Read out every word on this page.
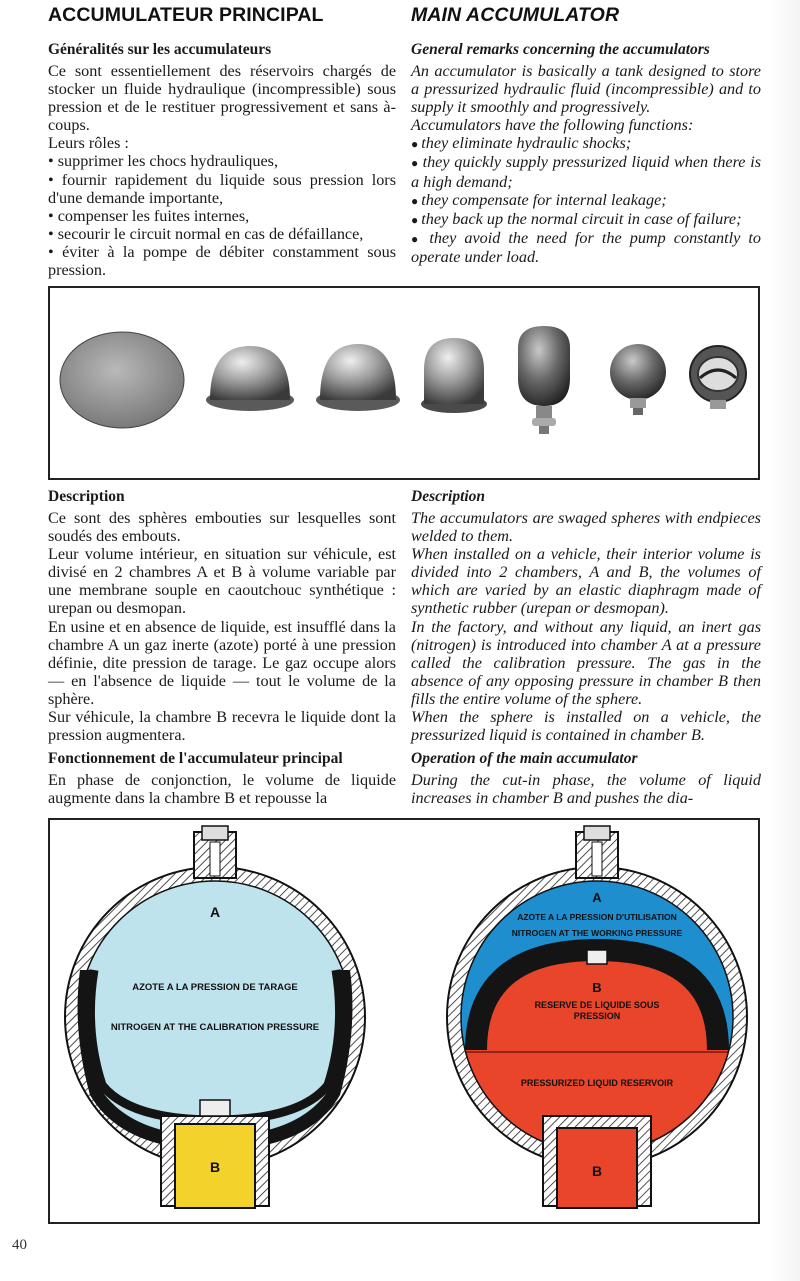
ACCUMULATEUR PRINCIPAL	MAIN ACCUMULATOR
Généralités sur les accumulateurs

Ce sont essentiellement des réservoirs chargés de stocker un fluide hydraulique (incompressible) sous pression et de le restituer progressivement et sans à-coups.

Leurs rôles :

• supprimer les chocs hydrauliques,

• fournir rapidement du liquide sous pression lors d'une demande importante,

• compenser les fuites internes,

• secourir le circuit normal en cas de défaillance,

• éviter à la pompe de débiter constamment sous pression.

General remarks concerning the accumulators

An accumulator is basically a tank designed to store a pressurized hydraulic fluid (incompressible) and to supply it smoothly and progressively.

Accumulators have the following functions:

● they eliminate hydraulic shocks;

● they quickly supply pressurized liquid when there is a high demand;

● they compensate for internal leakage;

● they back up the normal circuit in case of failure;

● they avoid the need for the pump constantly to operate under load.

Description

Ce sont des sphères embouties sur lesquelles sont soudés des embouts.

Leur volume intérieur, en situation sur véhicule, est divisé en 2 chambres A et B à volume variable par une membrane souple en caoutchouc synthétique : urepan ou desmopan.

En usine et en absence de liquide, est insufflé dans la chambre A un gaz inerte (azote) porté à une pression définie, dite pression de tarage. Le gaz occupe alors — en l'absence de liquide — tout le volume de la sphère.

Sur véhicule, la chambre B recevra le liquide dont la pression augmentera.

Fonctionnement de l'accumulateur principal
En phase de conjonction, le volume de liquide augmente dans la chambre B et repousse la
Description

The accumulators are swaged spheres with endpieces welded to them.

When installed on a vehicle, their interior volume is divided into 2 chambers, A and B, the volumes of which are varied by an elastic diaphragm made of synthetic rubber (urepan or desmopan).

In the factory, and without any liquid, an inert gas (nitrogen) is introduced into chamber A at a pressure called the calibration pressure. The gas in the absence of any opposing pressure in chamber B then fills the entire volume of the sphere.

When the sphere is installed on a vehicle, the pressurized liquid is contained in chamber B.

Operation of the main accumulator
During the cut-in phase, the volume of liquid increases in chamber B and pushes the dia-
A
AZOTE A LA PRESSION DE TARAGE
NITROGEN AT THE CALIBRATION PRESSURE
B
A
AZOTE A LA PRESSION D'UTILISATION
NITROGEN AT THE WORKING PRESSURE
B
RESERVE DE LIQUIDE SOUS PRESSION
PRESSURIZED LIQUID RESERVOIR
B
40
